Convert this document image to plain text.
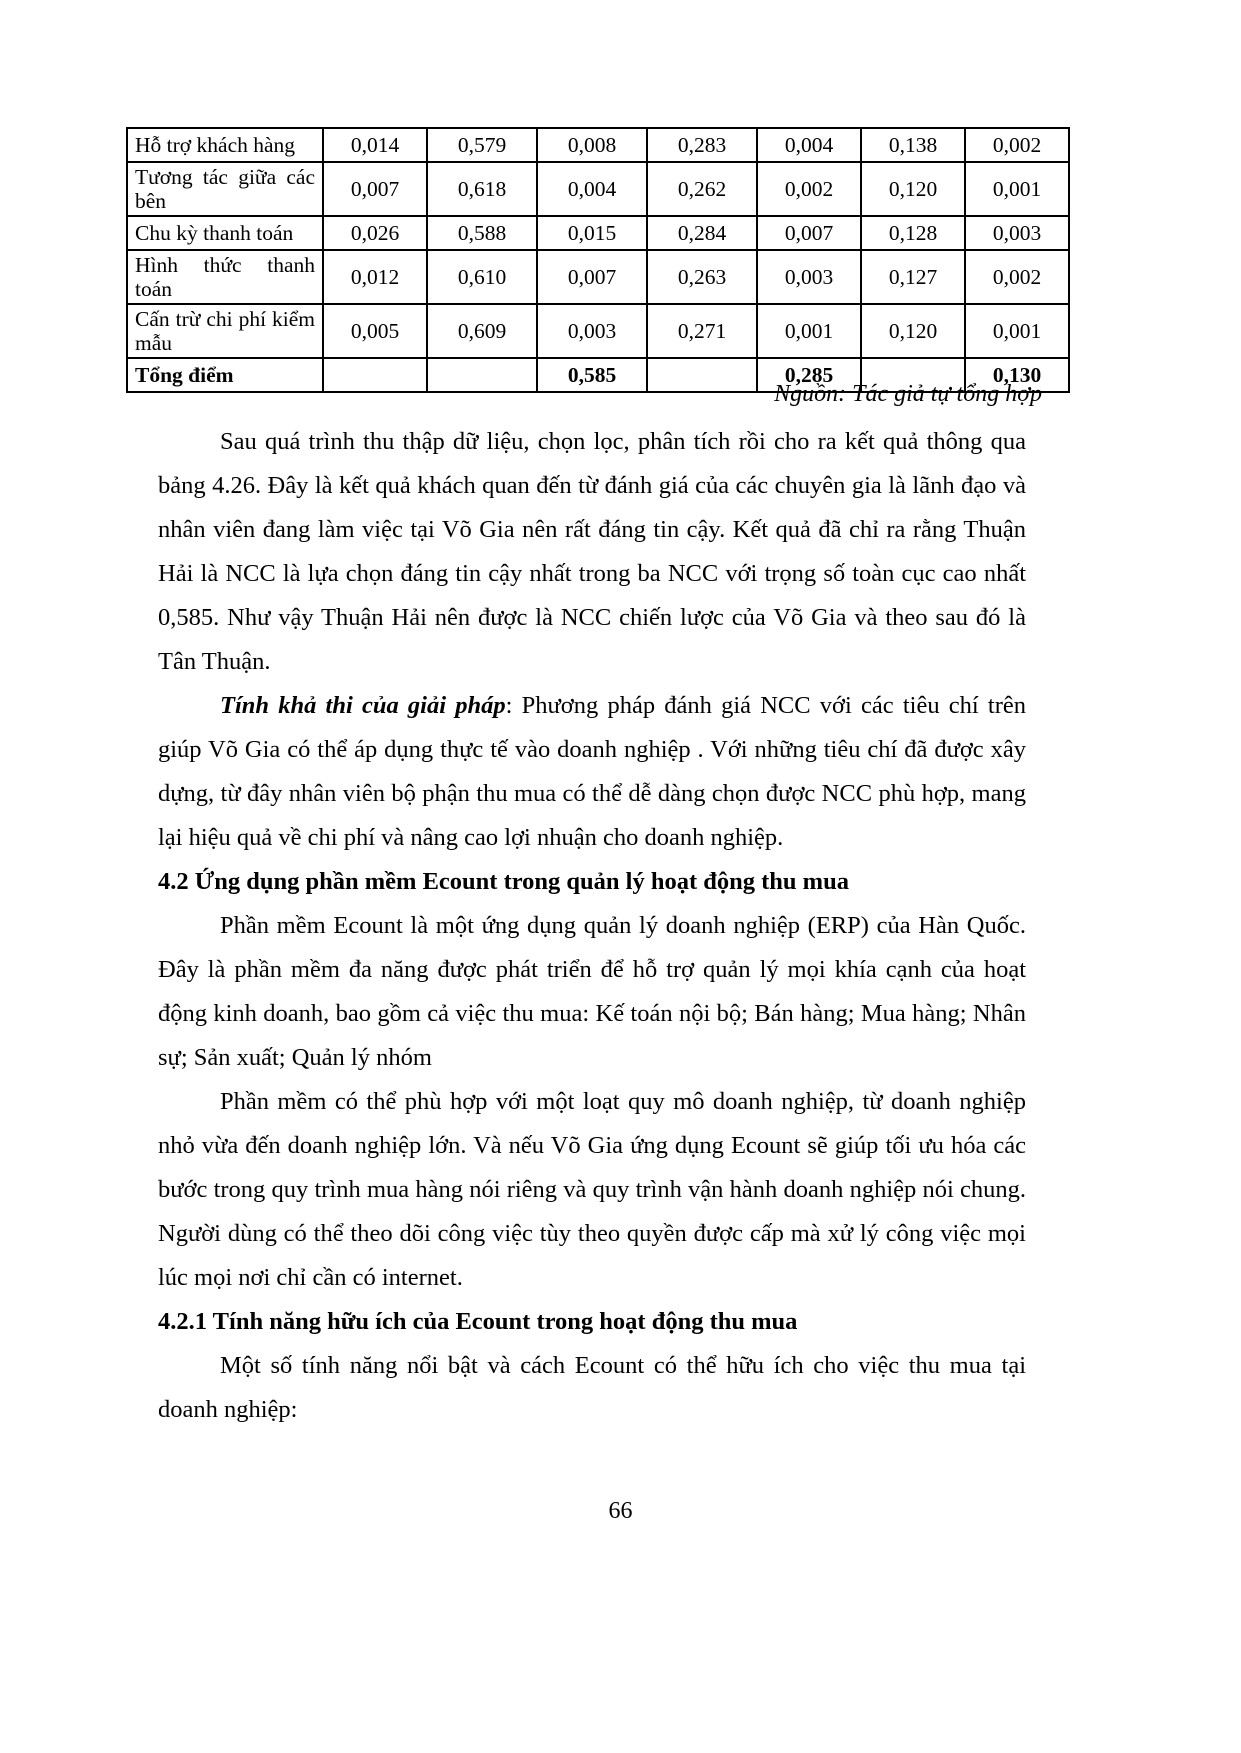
Hỗ trợ khách hàng	0,014	0,579	0,008	0,283	0,004	0,138	0,002
Tương tác giữa các bên	0,007	0,618	0,004	0,262	0,002	0,120	0,001
Chu kỳ thanh toán	0,026	0,588	0,015	0,284	0,007	0,128	0,003
Hình thức thanh toán	0,012	0,610	0,007	0,263	0,003	0,127	0,002
Cấn trừ chi phí kiểm mẫu	0,005	0,609	0,003	0,271	0,001	0,120	0,001
Tổng điểm			0,585		0,285		0,130
Nguồn: Tác giả tự tổng hợp

Sau quá trình thu thập dữ liệu, chọn lọc, phân tích rồi cho ra kết quả thông qua bảng 4.26. Đây là kết quả khách quan đến từ đánh giá của các chuyên gia là lãnh đạo và nhân viên đang làm việc tại Võ Gia nên rất đáng tin cậy. Kết quả đã chỉ ra rằng Thuận Hải là NCC là lựa chọn đáng tin cậy nhất trong ba NCC với trọng số toàn cục cao nhất 0,585. Như vậy Thuận Hải nên được là NCC chiến lược của Võ Gia và theo sau đó là Tân Thuận.

Tính khả thi của giải pháp: Phương pháp đánh giá NCC với các tiêu chí trên giúp Võ Gia có thể áp dụng thực tế vào doanh nghiệp . Với những tiêu chí đã được xây dựng, từ đây nhân viên bộ phận thu mua có thể dễ dàng chọn được NCC phù hợp, mang lại hiệu quả về chi phí và nâng cao lợi nhuận cho doanh nghiệp.

4.2 Ứng dụng phần mềm Ecount trong quản lý hoạt động thu mua

Phần mềm Ecount là một ứng dụng quản lý doanh nghiệp (ERP) của Hàn Quốc. Đây là phần mềm đa năng được phát triển để hỗ trợ quản lý mọi khía cạnh của hoạt động kinh doanh, bao gồm cả việc thu mua: Kế toán nội bộ; Bán hàng; Mua hàng; Nhân sự; Sản xuất; Quản lý nhóm

Phần mềm có thể phù hợp với một loạt quy mô doanh nghiệp, từ doanh nghiệp nhỏ vừa đến doanh nghiệp lớn. Và nếu Võ Gia ứng dụng Ecount sẽ giúp tối ưu hóa các bước trong quy trình mua hàng nói riêng và quy trình vận hành doanh nghiệp nói chung. Người dùng có thể theo dõi công việc tùy theo quyền được cấp mà xử lý công việc mọi lúc mọi nơi chỉ cần có internet.

4.2.1 Tính năng hữu ích của Ecount trong hoạt động thu mua

Một số tính năng nổi bật và cách Ecount có thể hữu ích cho việc thu mua tại doanh nghiệp:

66
